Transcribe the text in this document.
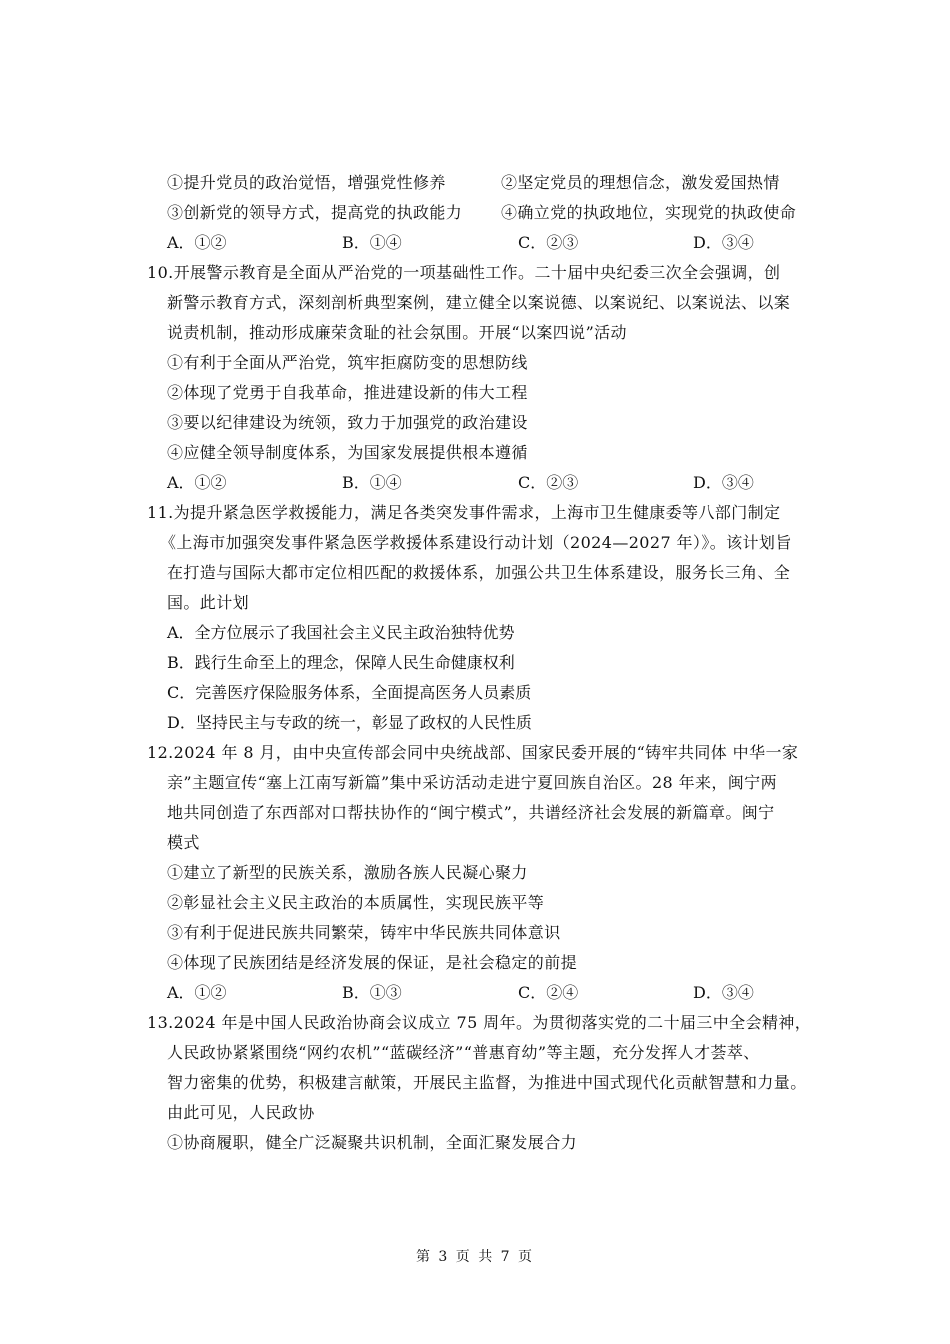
①提升党员的政治觉悟，增强党性修养	②坚定党员的理想信念，激发爱国热情
③创新党的领导方式，提高党的执政能力 ④确立党的执政地位，实现党的执政使命
A．①②	B．①④	C．②③	D．③④
10.开展警示教育是全面从严治党的一项基础性工作。二十届中央纪委三次全会强调，创
新警示教育方式，深刻剖析典型案例，建立健全以案说德、以案说纪、以案说法、以案
说责机制，推动形成廉荣贪耻的社会氛围。开展“以案四说”活动
①有利于全面从严治党，筑牢拒腐防变的思想防线
②体现了党勇于自我革命，推进建设新的伟大工程
③要以纪律建设为统领，致力于加强党的政治建设
④应健全领导制度体系，为国家发展提供根本遵循
A．①②	B．①④	C．②③	D．③④
11.为提升紧急医学救援能力，满足各类突发事件需求，上海市卫生健康委等八部门制定
《上海市加强突发事件紧急医学救援体系建设行动计划（2024—2027 年）》。该计划旨
在打造与国际大都市定位相匹配的救援体系，加强公共卫生体系建设，服务长三角、全
国。此计划
A．全方位展示了我国社会主义民主政治独特优势
B．践行生命至上的理念，保障人民生命健康权利
C．完善医疗保险服务体系，全面提高医务人员素质
D．坚持民主与专政的统一，彰显了政权的人民性质
12.2024 年 8 月，由中央宣传部会同中央统战部、国家民委开展的“铸牢共同体 中华一家
亲”主题宣传“塞上江南写新篇”集中采访活动走进宁夏回族自治区。28 年来，闽宁两
地共同创造了东西部对口帮扶协作的“闽宁模式”，共谱经济社会发展的新篇章。闽宁
模式
①建立了新型的民族关系，激励各族人民凝心聚力
②彰显社会主义民主政治的本质属性，实现民族平等
③有利于促进民族共同繁荣，铸牢中华民族共同体意识
④体现了民族团结是经济发展的保证，是社会稳定的前提
A．①②	B．①③	C．②④	D．③④
13.2024 年是中国人民政治协商会议成立 75 周年。为贯彻落实党的二十届三中全会精神，
人民政协紧紧围绕“网约农机”“蓝碳经济”“普惠育幼”等主题，充分发挥人才荟萃、
智力密集的优势，积极建言献策，开展民主监督，为推进中国式现代化贡献智慧和力量。
由此可见，人民政协
①协商履职，健全广泛凝聚共识机制，全面汇聚发展合力
第 3 页 共 7 页
